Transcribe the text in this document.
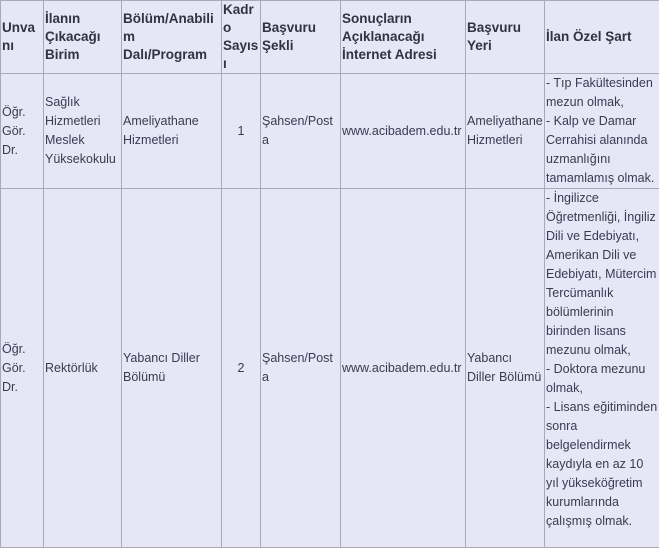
Unvanı	İlanın Çıkacağı Birim	Bölüm/Anabilim Dalı/Program	Kadro Sayısı	Başvuru Şekli	Sonuçların Açıklanacağı İnternet Adresi	Başvuru Yeri	İlan Özel Şart
Öğr. Gör. Dr.	Sağlık Hizmetleri Meslek Yüksekokulu	Ameliyathane Hizmetleri	1	Şahsen/Posta	www.acibadem.edu.tr	Ameliyathane Hizmetleri	- Tıp Fakültesinden mezun olmak,
- Kalp ve Damar Cerrahisi alanında uzmanlığını tamamlamış olmak.
Öğr. Gör. Dr.	Rektörlük	Yabancı Diller Bölümü	2	Şahsen/Posta	www.acibadem.edu.tr	Yabancı Diller Bölümü	- İngilizce Öğretmenliği, İngiliz Dili ve Edebiyatı, Amerikan Dili ve Edebiyatı, Mütercim Tercümanlık bölümlerinin birinden lisans mezunu olmak,
- Doktora mezunu olmak,
- Lisans eğitiminden sonra belgelendirmek kaydıyla en az 10 yıl yükseköğretim kurumlarında çalışmış olmak.
